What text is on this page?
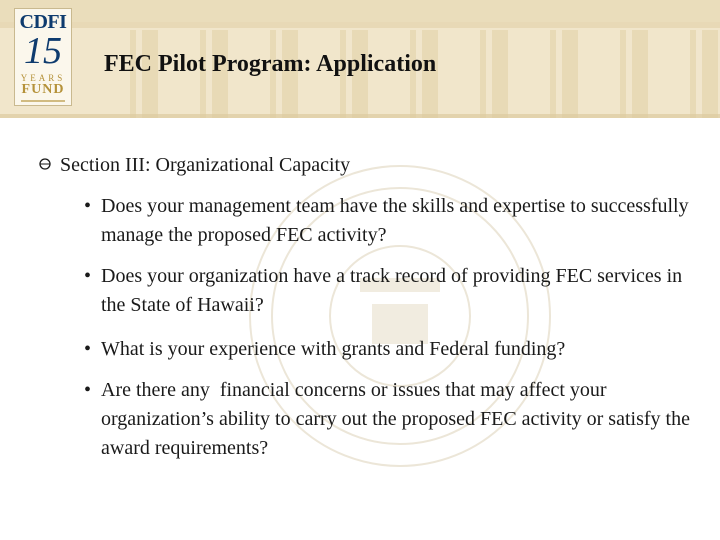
CDFI
15
YEARS
FUND
FEC Pilot Program: Application
Section III: Organizational Capacity
• Does your management team have the skills and expertise to successfully manage the proposed FEC activity?
• Does your organization have a track record of providing FEC services in the State of Hawaii?
• What is your experience with grants and Federal funding?
• Are there any  financial concerns or issues that may affect your organization’s ability to carry out the proposed FEC activity or satisfy the award requirements?
